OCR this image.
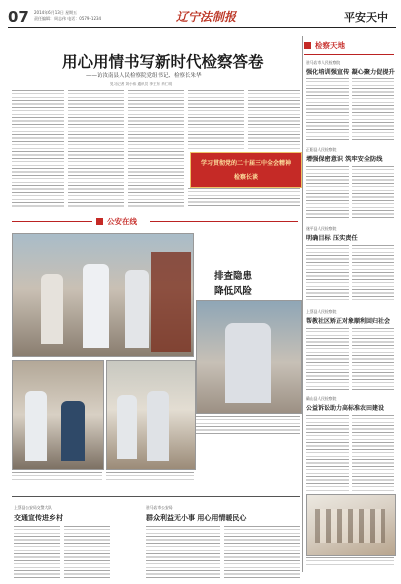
07 2014年6月13日 星期五
责任编辑：周志伟 电话：0579-1234	辽宁法制报	平安天中
用心用情书写新时代检察答卷
——访汝南县人民检察院党组书记、检察长朱华
见习记者 刘小伟 通讯员 李王东 肖仁明
学习贯彻党的二十届三中全会精神
检察长谈
检察天地
驻马店市人民检察院
强化培训强宣传 凝心聚力促提升
正阳县人民检察院
增强保密意识 筑牢安全防线
遂平县人民检察院
明确目标 压实责任
上蔡县人民检察院
帮教社区矫正对象顺利回归社会
确山县人民检察院
公益诉讼助力高标准农田建设
公安在线
排查隐患
降低风险
上蔡县公安局交警大队
交通宣传进乡村
驻马店市公安局
群众利益无小事 用心用情暖民心
